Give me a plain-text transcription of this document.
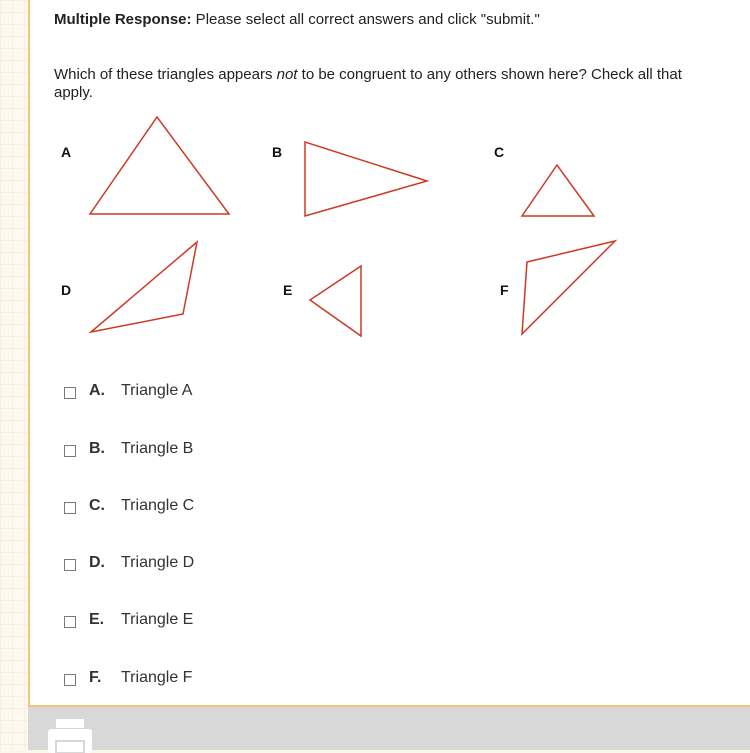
Multiple Response: Please select all correct answers and click "submit."
Which of these triangles appears not to be congruent to any others shown here? Check all that apply.
A	B	C
D	E	F
A.	Triangle A
B.	Triangle B
C.	Triangle C
D.	Triangle D
E.	Triangle E
F.	Triangle F
